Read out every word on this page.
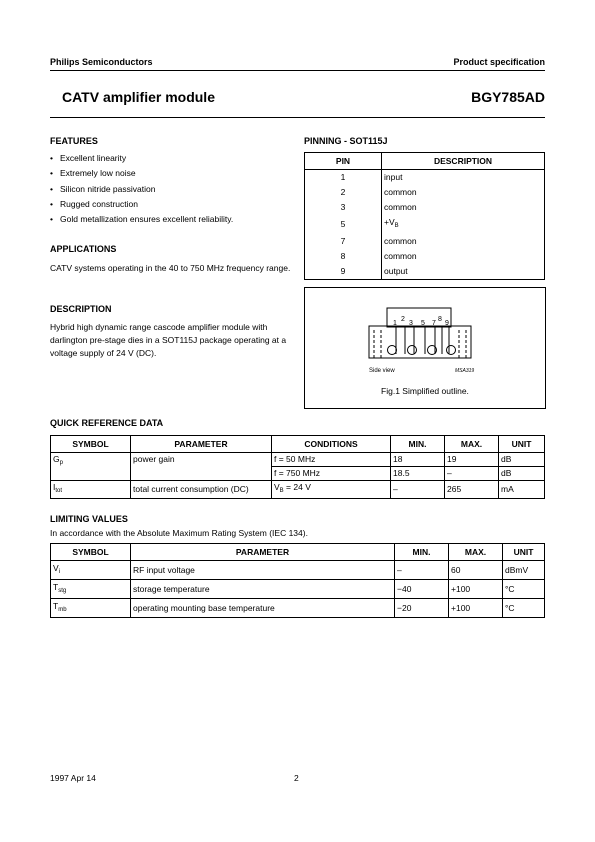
Philips Semiconductors	Product specification
CATV amplifier module	BGY785AD
FEATURES
• Excellent linearity
• Extremely low noise
• Silicon nitride passivation
• Rugged construction
• Gold metallization ensures excellent reliability.
APPLICATIONS
CATV systems operating in the 40 to 750 MHz frequency range.
DESCRIPTION
Hybrid high dynamic range cascode amplifier module with darlington pre-stage dies in a SOT115J package operating at a voltage supply of 24 V (DC).
PINNING - SOT115J
PIN	DESCRIPTION
1	input
2	common
3	common
5	$+V_B$
7	common
8	common
9	output
1
2
3 5 7
8
9
Side view	MSA319
Fig.1 Simplified outline.
QUICK REFERENCE DATA
SYMBOL	PARAMETER	CONDITIONS	MIN.	MAX.	UNIT
$G_p$	power gain	f = 50 MHz	18	19	dB
		f = 750 MHz	18.5	–	dB
$I_{tot}$	total current consumption (DC)	$V_B = 24$ V	–	265	mA
LIMITING VALUES
In accordance with the Absolute Maximum Rating System (IEC 134).
SYMBOL	PARAMETER	MIN.	MAX.	UNIT
$V_i$	RF input voltage	–	60	dBmV
$T_{stg}$	storage temperature	−40	+100	°C
$T_{mb}$	operating mounting base temperature	−20	+100	°C
1997 Apr 14	2
